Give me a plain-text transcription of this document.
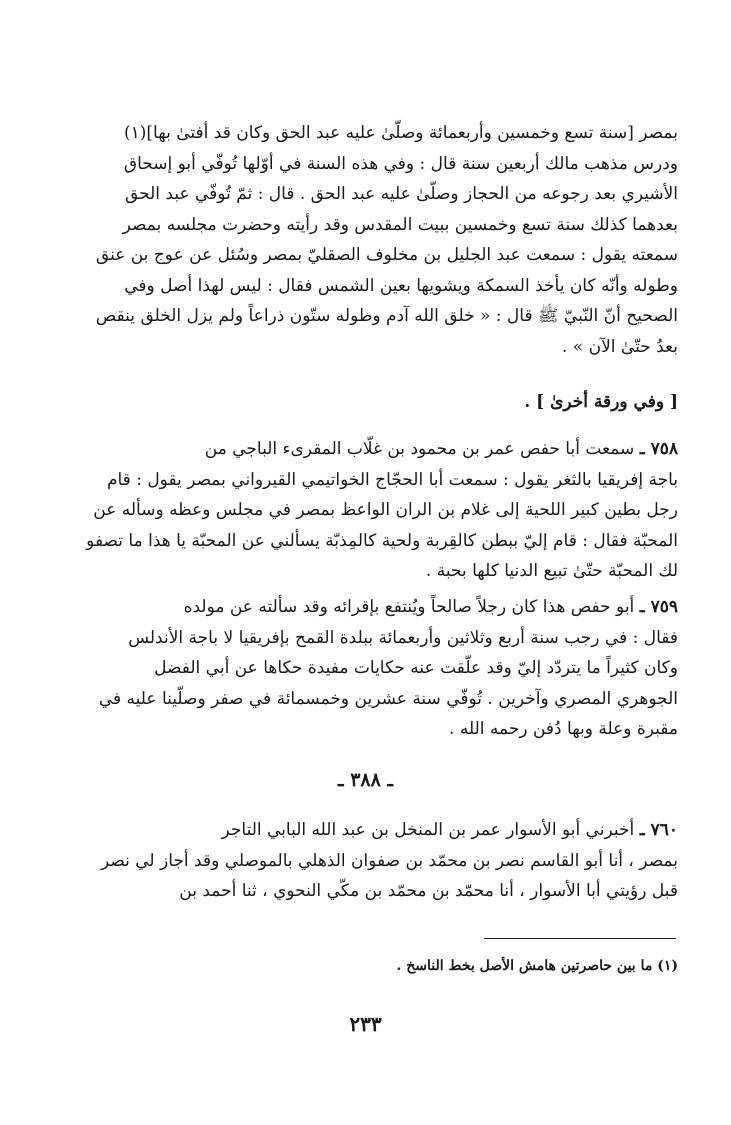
بمصر [سنة تسع وخمسين وأربعمائة وصلّىٰ عليه عبد الحق وكان قد أفتىٰ بها](١)
ودرس مذهب مالك أربعين سنة قال : وفي هذه السنة في أوّلها تُوفّي أبو إسحاق
الأشيري بعد رجوعه من الحجاز وصلّىٰ عليه عبد الحق . قال : ثمّ تُوفّي عبد الحق
بعدهما كذلك سنة تسع وخمسين ببيت المقدس وقد رأيته وحضرت مجلسه بمصر
سمعته يقول : سمعت عبد الجليل بن مخلوف الصقليّ بمصر وسُئل عن عوج بن عنق
وطوله وأنّه كان يأخذ السمكة ويشويها بعين الشمس فقال : ليس لهذا أصل وفي
الصحيح أنّ النّبيّ ﷺ قال : « خلق الله آدم وطوله ستّون ذراعاً ولم يزل الخلق ينقص
بعدُ حتّىٰ الآن » .
[ وفي ورقة أخرىٰ ] .
٧٥٨ ـ سمعت أبا حفص عمر بن محمود بن غلّاب المقرىء الباجي من
باجة إفريقيا بالثغر يقول : سمعت أبا الحجّاج الخواتيمي القيرواني بمصر يقول : قام
رجل بطين كبير اللحية إلى غلام بن الران الواعظ بمصر في مجلس وعظه وسأله عن
المحبّة فقال : قام إليّ ببطن كالقِربة ولحية كالمِذبّة يسألني عن المحبّة يا هذا ما تصفو
لك المحبّة حتّىٰ تبيع الدنيا كلها بحبة .
٧٥٩ ـ أبو حفص هذا كان رجلاً صالحاً ويُنتفع بإقرائه وقد سألته عن مولده
فقال : في رجب سنة أربع وثلاثين وأربعمائة ببلدة القمح بإفريقيا لا باجة الأندلس
وكان كثيراً ما يتردّد إليّ وقد علّقت عنه حكايات مفيدة حكاها عن أبي الفضل
الجوهري المصري وآخرين . تُوفّي سنة عشرين وخمسمائة في صفر وصلّينا عليه في
مقبرة وعلة وبها دُفن رحمه الله .
ـ ٣٨٨ ـ
٧٦٠ ـ أخبرني أبو الأسوار عمر بن المنخل بن عبد الله البابي التاجر
بمصر ، أنا أبو القاسم نصر بن محمّد بن صفوان الذهلي بالموصلي وقد أجاز لي نصر
قبل رؤيتي أبا الأسوار ، أنا محمّد بن محمّد بن مكّي النحوي ، ثنا أحمد بن
(١) ما بين حاصرتين هامش الأصل بخط الناسخ .
٢٣٣
